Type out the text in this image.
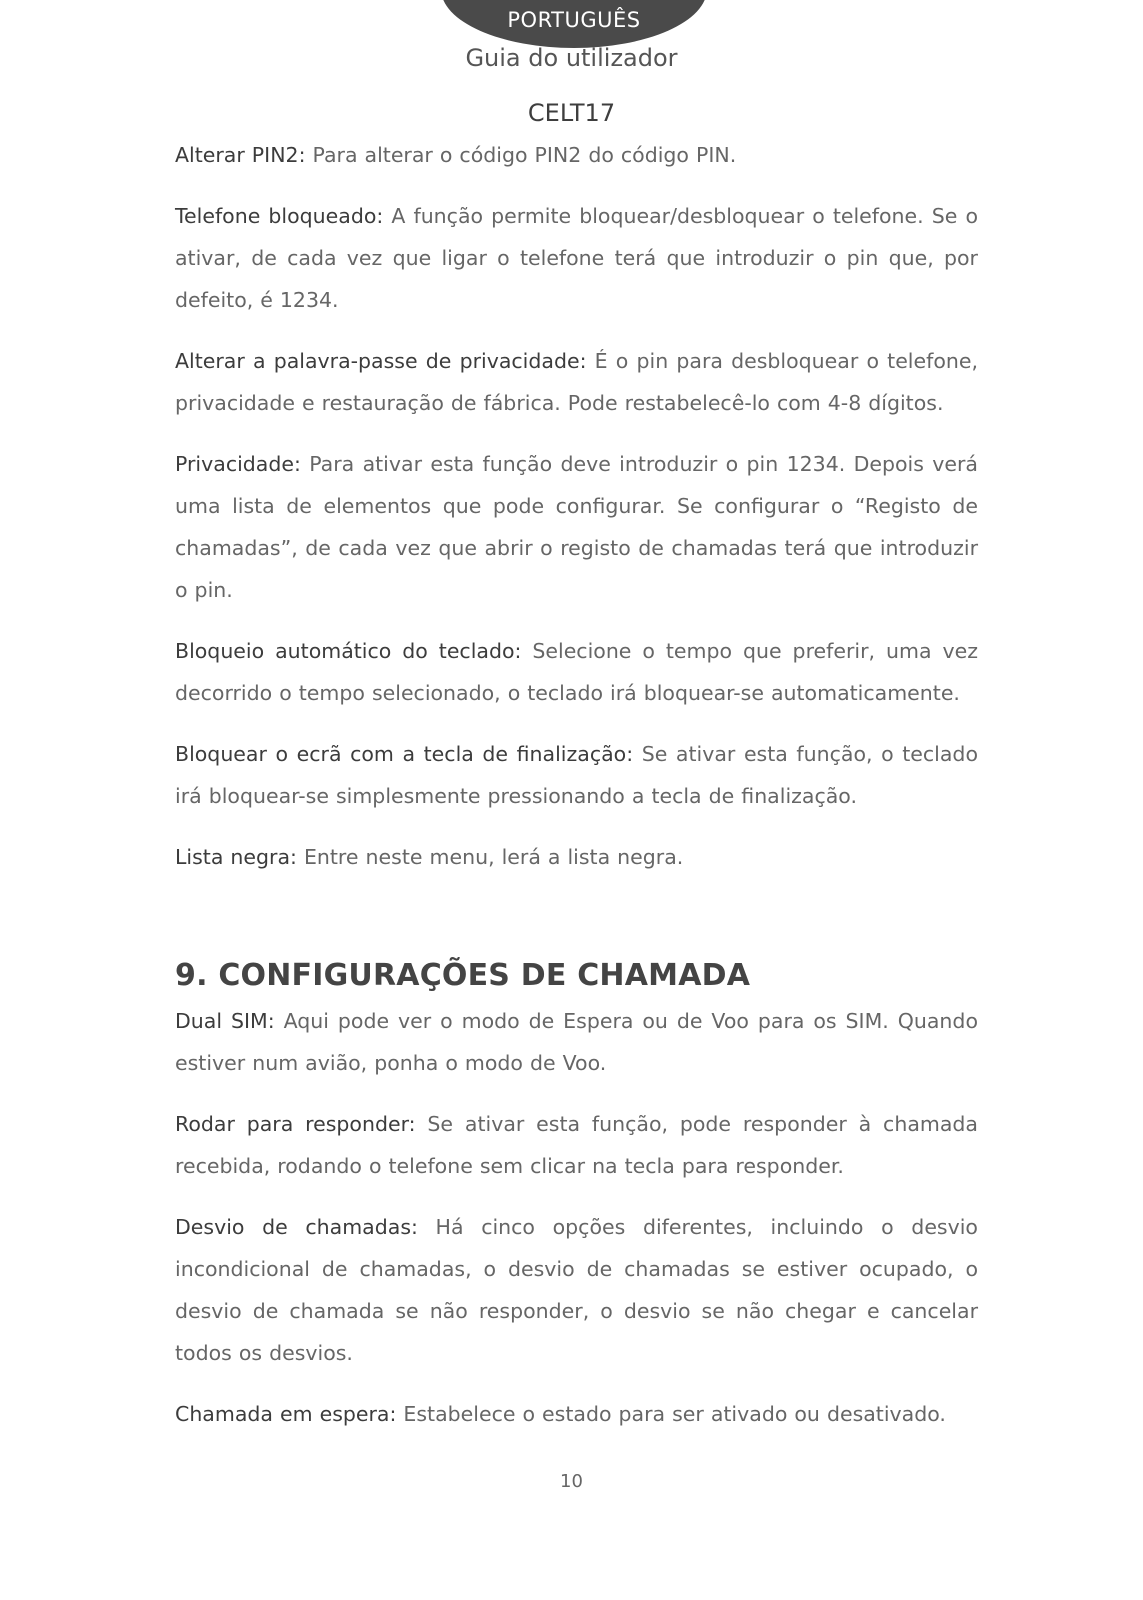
PORTUGUÊS
Guia do utilizador
CELT17

Alterar PIN2: Para alterar o código PIN2 do código PIN.

Telefone bloqueado: A função permite bloquear/desbloquear o telefone. Se o ativar, de cada vez que ligar o telefone terá que introduzir o pin que, por defeito, é 1234.

Alterar a palavra-passe de privacidade: É o pin para desbloquear o telefone, privacidade e restauração de fábrica. Pode restabelecê-lo com 4-8 dígitos.

Privacidade: Para ativar esta função deve introduzir o pin 1234. Depois verá uma lista de elementos que pode configurar. Se configurar o “Registo de chamadas”, de cada vez que abrir o registo de chamadas terá que introduzir o pin.

Bloqueio automático do teclado: Selecione o tempo que preferir, uma vez decorrido o tempo selecionado, o teclado irá bloquear-se automaticamente.

Bloquear o ecrã com a tecla de finalização: Se ativar esta função, o teclado irá bloquear-se simplesmente pressionando a tecla de finalização.

Lista negra: Entre neste menu, lerá a lista negra.

9. CONFIGURAÇÕES DE CHAMADA

Dual SIM: Aqui pode ver o modo de Espera ou de Voo para os SIM. Quando estiver num avião, ponha o modo de Voo.

Rodar para responder: Se ativar esta função, pode responder à chamada recebida, rodando o telefone sem clicar na tecla para responder.

Desvio de chamadas: Há cinco opções diferentes, incluindo o desvio incondicional de chamadas, o desvio de chamadas se estiver ocupado, o desvio de chamada se não responder, o desvio se não chegar e cancelar todos os desvios.

Chamada em espera: Estabelece o estado para ser ativado ou desativado.

10
